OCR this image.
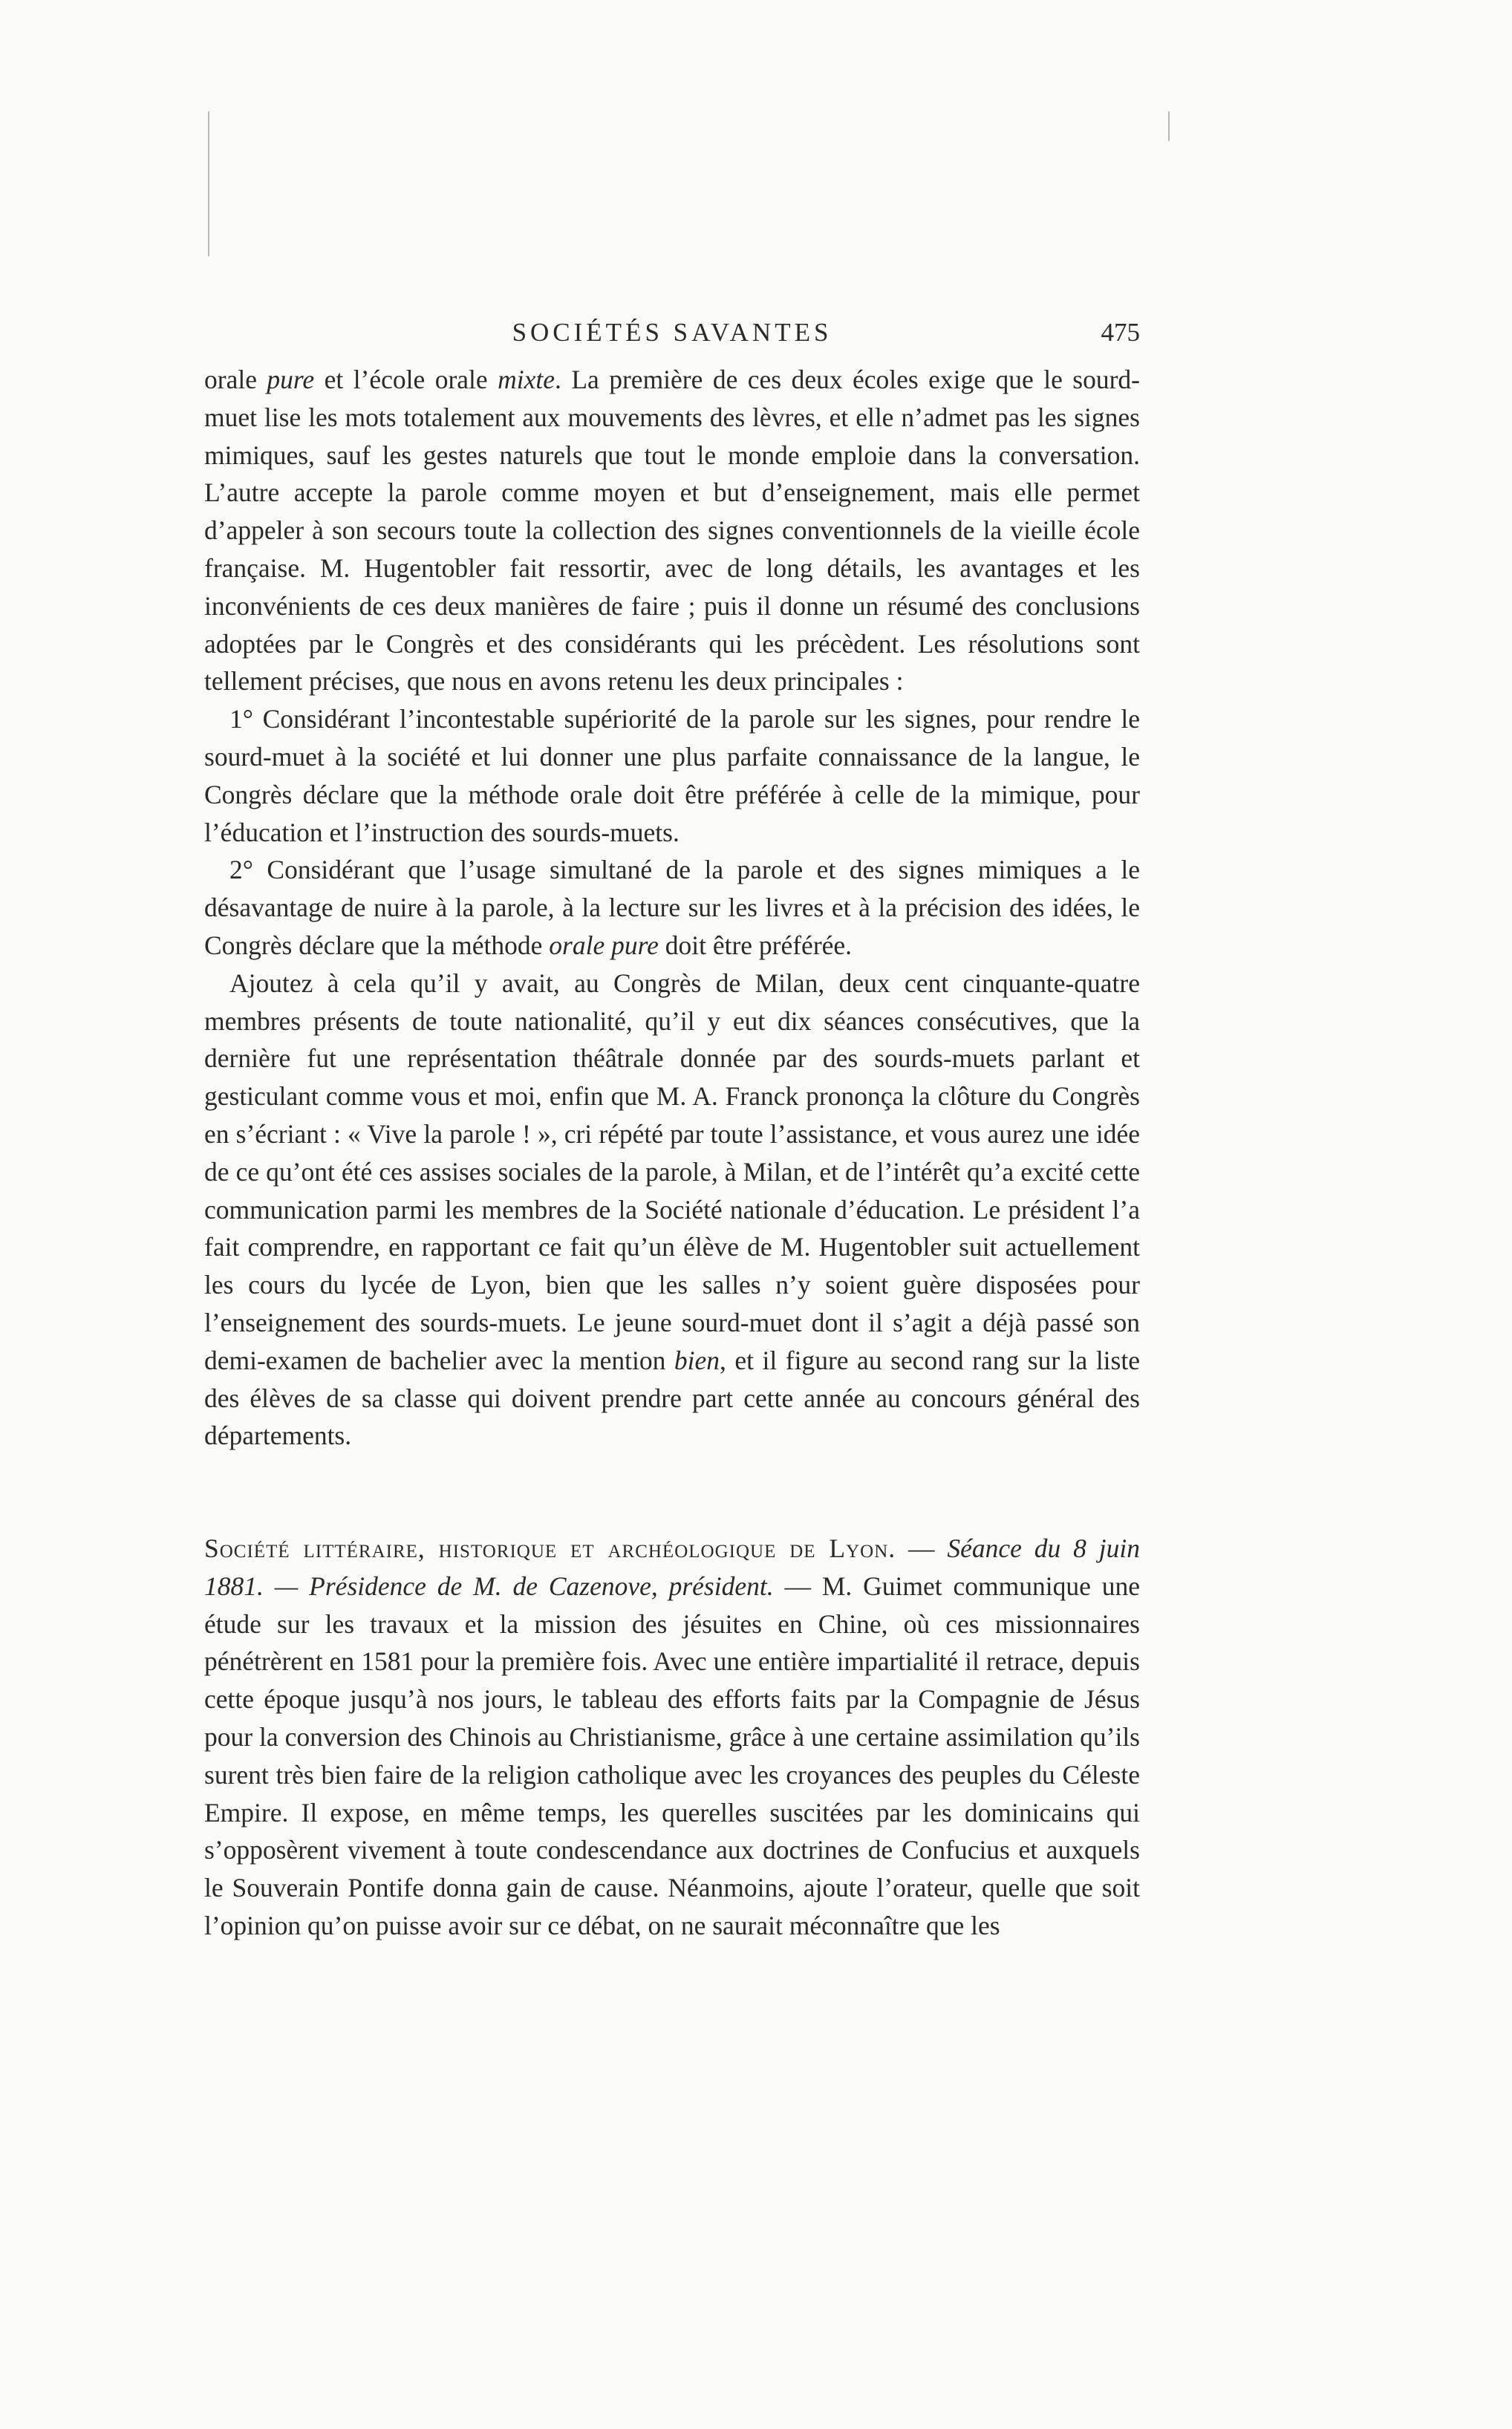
SOCIÉTÉS SAVANTES	475

orale pure et l’école orale mixte. La première de ces deux écoles exige que le sourd-muet lise les mots totalement aux mouvements des lèvres, et elle n’admet pas les signes mimiques, sauf les gestes naturels que tout le monde emploie dans la conversation. L’autre accepte la parole comme moyen et but d’enseignement, mais elle permet d’appeler à son secours toute la collection des signes conventionnels de la vieille école française. M. Hugentobler fait ressortir, avec de long détails, les avantages et les inconvénients de ces deux manières de faire ; puis il donne un résumé des conclusions adoptées par le Congrès et des considérants qui les précèdent. Les résolutions sont tellement précises, que nous en avons retenu les deux principales :

1° Considérant l’incontestable supériorité de la parole sur les signes, pour rendre le sourd-muet à la société et lui donner une plus parfaite connaissance de la langue, le Congrès déclare que la méthode orale doit être préférée à celle de la mimique, pour l’éducation et l’instruction des sourds-muets.

2° Considérant que l’usage simultané de la parole et des signes mimiques a le désavantage de nuire à la parole, à la lecture sur les livres et à la précision des idées, le Congrès déclare que la méthode orale pure doit être préférée.

Ajoutez à cela qu’il y avait, au Congrès de Milan, deux cent cinquante-quatre membres présents de toute nationalité, qu’il y eut dix séances consécutives, que la dernière fut une représentation théâtrale donnée par des sourds-muets parlant et gesticulant comme vous et moi, enfin que M. A. Franck prononça la clôture du Congrès en s’écriant : « Vive la parole ! », cri répété par toute l’assistance, et vous aurez une idée de ce qu’ont été ces assises sociales de la parole, à Milan, et de l’intérêt qu’a excité cette communication parmi les membres de la Société nationale d’éducation. Le président l’a fait comprendre, en rapportant ce fait qu’un élève de M. Hugentobler suit actuellement les cours du lycée de Lyon, bien que les salles n’y soient guère disposées pour l’enseignement des sourds-muets. Le jeune sourd-muet dont il s’agit a déjà passé son demi-examen de bachelier avec la mention bien, et il figure au second rang sur la liste des élèves de sa classe qui doivent prendre part cette année au concours général des départements.

Société littéraire, historique et archéologique de Lyon. — Séance du 8 juin 1881. — Présidence de M. de Cazenove, président. — M. Guimet communique une étude sur les travaux et la mission des jésuites en Chine, où ces missionnaires pénétrèrent en 1581 pour la première fois. Avec une entière impartialité il retrace, depuis cette époque jusqu’à nos jours, le tableau des efforts faits par la Compagnie de Jésus pour la conversion des Chinois au Christianisme, grâce à une certaine assimilation qu’ils surent très bien faire de la religion catholique avec les croyances des peuples du Céleste Empire. Il expose, en même temps, les querelles suscitées par les dominicains qui s’opposèrent vivement à toute condescendance aux doctrines de Confucius et auxquels le Souverain Pontife donna gain de cause. Néanmoins, ajoute l’orateur, quelle que soit l’opinion qu’on puisse avoir sur ce débat, on ne saurait méconnaître que les
